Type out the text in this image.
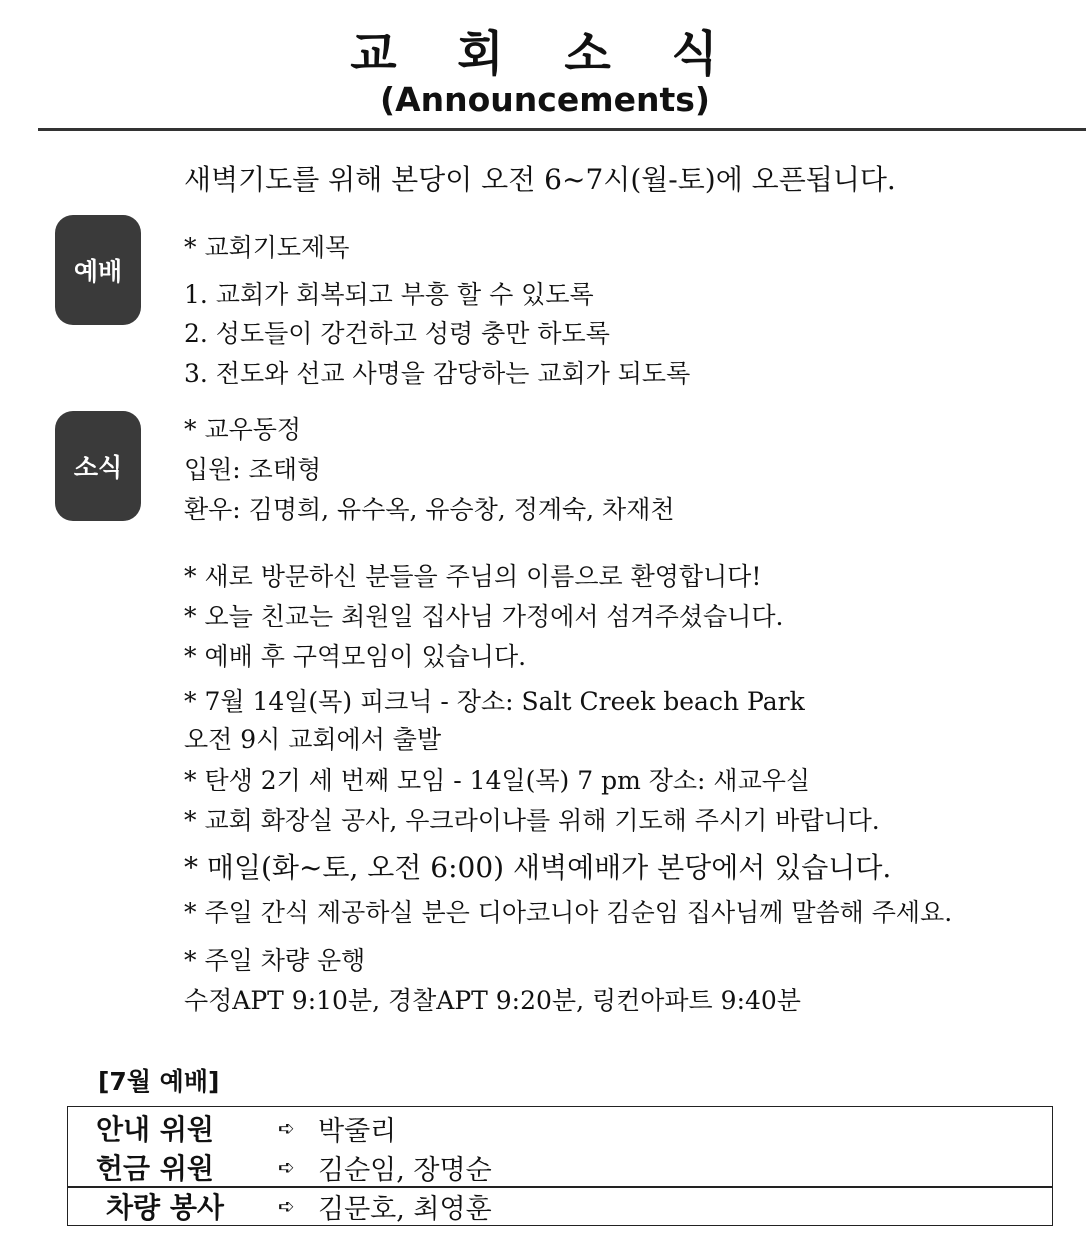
교 회 소 식
(Announcements)
새벽기도를 위해 본당이 오전 6~7시(월-토)에 오픈됩니다.
예배
소식
* 교회기도제목
1. 교회가 회복되고 부흥 할 수 있도록
2. 성도들이 강건하고 성령 충만 하도록
3. 전도와 선교 사명을 감당하는 교회가 되도록
* 교우동정
입원: 조태형
환우: 김명희, 유수옥, 유승창, 정계숙, 차재천
* 새로 방문하신 분들을 주님의 이름으로 환영합니다!
* 오늘 친교는 최원일 집사님 가정에서 섬겨주셨습니다.
* 예배 후 구역모임이 있습니다.
* 7월 14일(목) 피크닉 - 장소: Salt Creek beach Park
오전 9시 교회에서 출발
* 탄생 2기 세 번째 모임 - 14일(목) 7 pm 장소: 새교우실
* 교회 화장실 공사, 우크라이나를 위해 기도해 주시기 바랍니다.
* 매일(화~토, 오전 6:00) 새벽예배가 본당에서 있습니다.
* 주일 간식 제공하실 분은 디아코니아 김순임 집사님께 말씀해 주세요.
* 주일 차량 운행
수정APT 9:10분, 경찰APT 9:20분, 링컨아파트 9:40분
[7월 예배]
안내 위원	➪ 박줄리
헌금 위원	➪ 김순임, 장명순
차량 봉사	➪ 김문호, 최영훈
